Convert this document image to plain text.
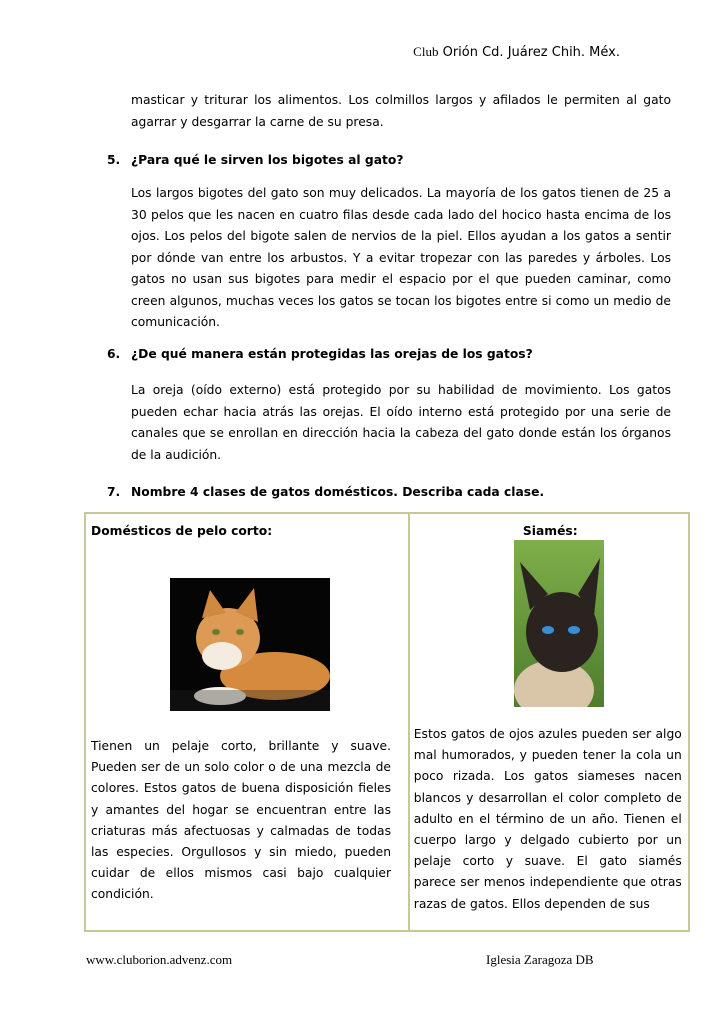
Club Orión Cd. Juárez Chih. Méx.
masticar y triturar los alimentos. Los colmillos largos y afilados le permiten al gato agarrar y desgarrar la carne de su presa.
5. ¿Para qué le sirven los bigotes al gato?
Los largos bigotes del gato son muy delicados. La mayoría de los gatos tienen de 25 a 30 pelos que les nacen en cuatro filas desde cada lado del hocico hasta encima de los ojos. Los pelos del bigote salen de nervios de la piel. Ellos ayudan a los gatos a sentir por dónde van entre los arbustos. Y a evitar tropezar con las paredes y árboles. Los gatos no usan sus bigotes para medir el espacio por el que pueden caminar, como creen algunos, muchas veces los gatos se tocan los bigotes entre si como un medio de comunicación.
6. ¿De qué manera están protegidas las orejas de los gatos?
La oreja (oído externo) está protegido por su habilidad de movimiento. Los gatos pueden echar hacia atrás las orejas. El oído interno está protegido por una serie de canales que se enrollan en dirección hacia la cabeza del gato donde están los órganos de la audición.
7. Nombre 4 clases de gatos domésticos. Describa cada clase.
Domésticos de pelo corto:
Tienen un pelaje corto, brillante y suave. Pueden ser de un solo color o de una mezcla de colores. Estos gatos de buena disposición fieles y amantes del hogar se encuentran entre las criaturas más afectuosas y calmadas de todas las especies. Orgullosos y sin miedo, pueden cuidar de ellos mismos casi bajo cualquier condición.

Siamés:
Estos gatos de ojos azules pueden ser algo mal humorados, y pueden tener la cola un poco rizada. Los gatos siameses nacen blancos y desarrollan el color completo de adulto en el término de un año. Tienen el cuerpo largo y delgado cubierto por un pelaje corto y suave. El gato siamés parece ser menos independiente que otras razas de gatos. Ellos dependen de sus
www.cluborion.advenz.com	Iglesia Zaragoza DB
